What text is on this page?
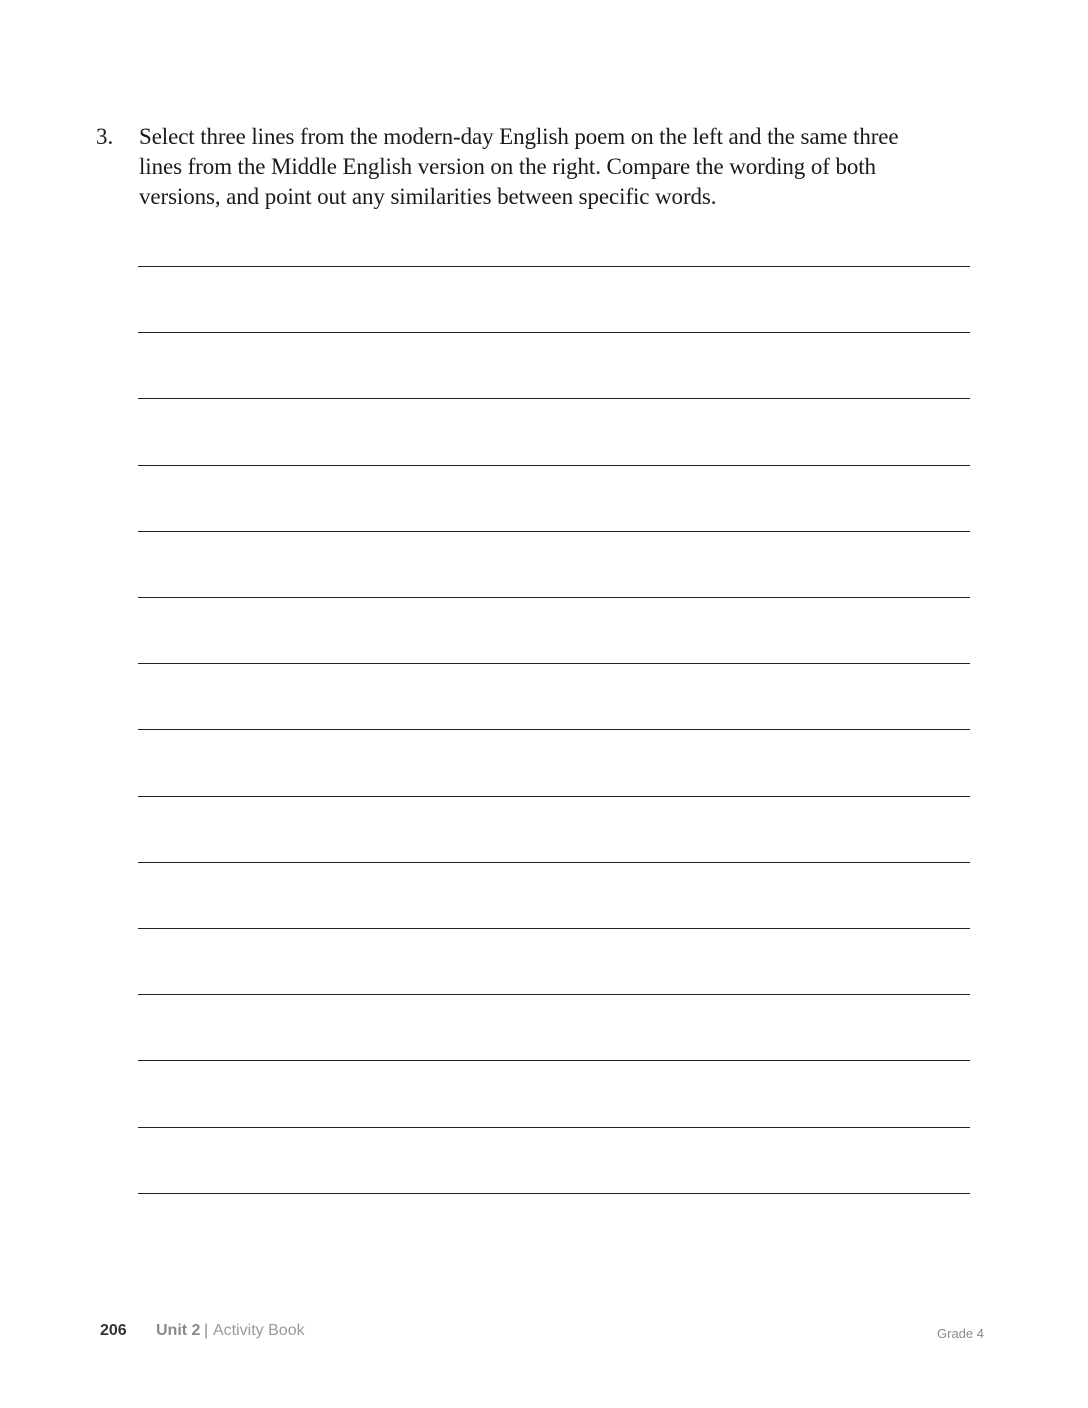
3.	Select three lines from the modern-day English poem on the left and the same three
lines from the Middle English version on the right. Compare the wording of both
versions, and point out any similarities between specific words.
206 Unit 2 | Activity Book	Grade 4
